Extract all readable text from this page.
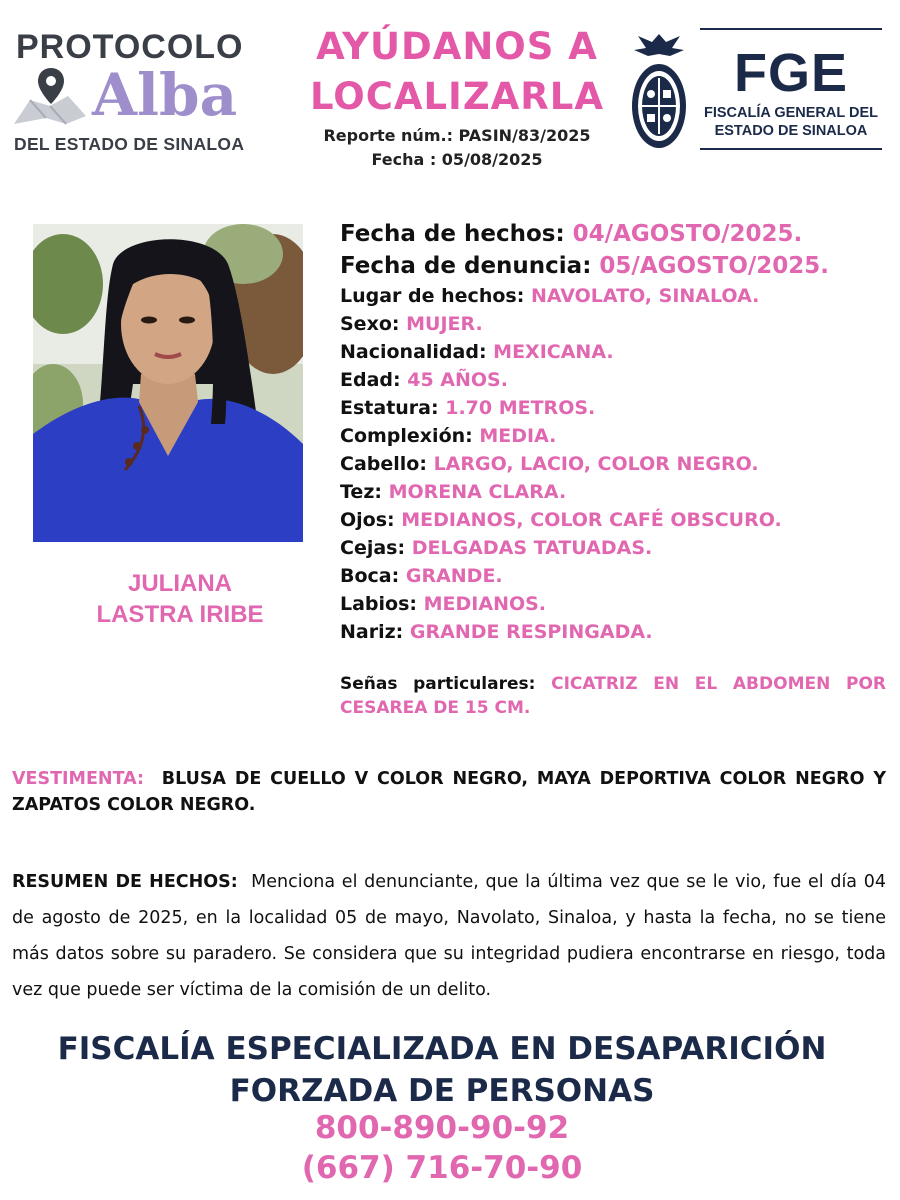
PROTOCOLO
Alba
DEL ESTADO DE SINALOA
AYÚDANOS A
LOCALIZARLA
Reporte núm.: PASIN/83/2025
Fecha : 05/08/2025
FGE
FISCALÍA GENERAL DEL
ESTADO DE SINALOA
JULIANA
LASTRA IRIBE
Fecha de hechos: 04/AGOSTO/2025.
Fecha de denuncia: 05/AGOSTO/2025.
Lugar de hechos: NAVOLATO, SINALOA.
Sexo: MUJER.
Nacionalidad: MEXICANA.
Edad: 45 AÑOS.
Estatura: 1.70 METROS.
Complexión: MEDIA.
Cabello: LARGO, LACIO, COLOR NEGRO.
Tez: MORENA CLARA.
Ojos: MEDIANOS, COLOR CAFÉ OBSCURO.
Cejas: DELGADAS TATUADAS.
Boca: GRANDE.
Labios: MEDIANOS.
Nariz: GRANDE RESPINGADA.
Señas particulares: CICATRIZ EN EL ABDOMEN POR CESAREA DE 15 CM.
VESTIMENTA: BLUSA DE CUELLO V COLOR NEGRO, MAYA DEPORTIVA COLOR NEGRO Y ZAPATOS COLOR NEGRO.
RESUMEN DE HECHOS: Menciona el denunciante, que la última vez que se le vio, fue el día 04 de agosto de 2025, en la localidad 05 de mayo, Navolato, Sinaloa, y hasta la fecha, no se tiene más datos sobre su paradero. Se considera que su integridad pudiera encontrarse en riesgo, toda vez que puede ser víctima de la comisión de un delito.
FISCALÍA ESPECIALIZADA EN DESAPARICIÓN
FORZADA DE PERSONAS
800-890-90-92
(667) 716-70-90
